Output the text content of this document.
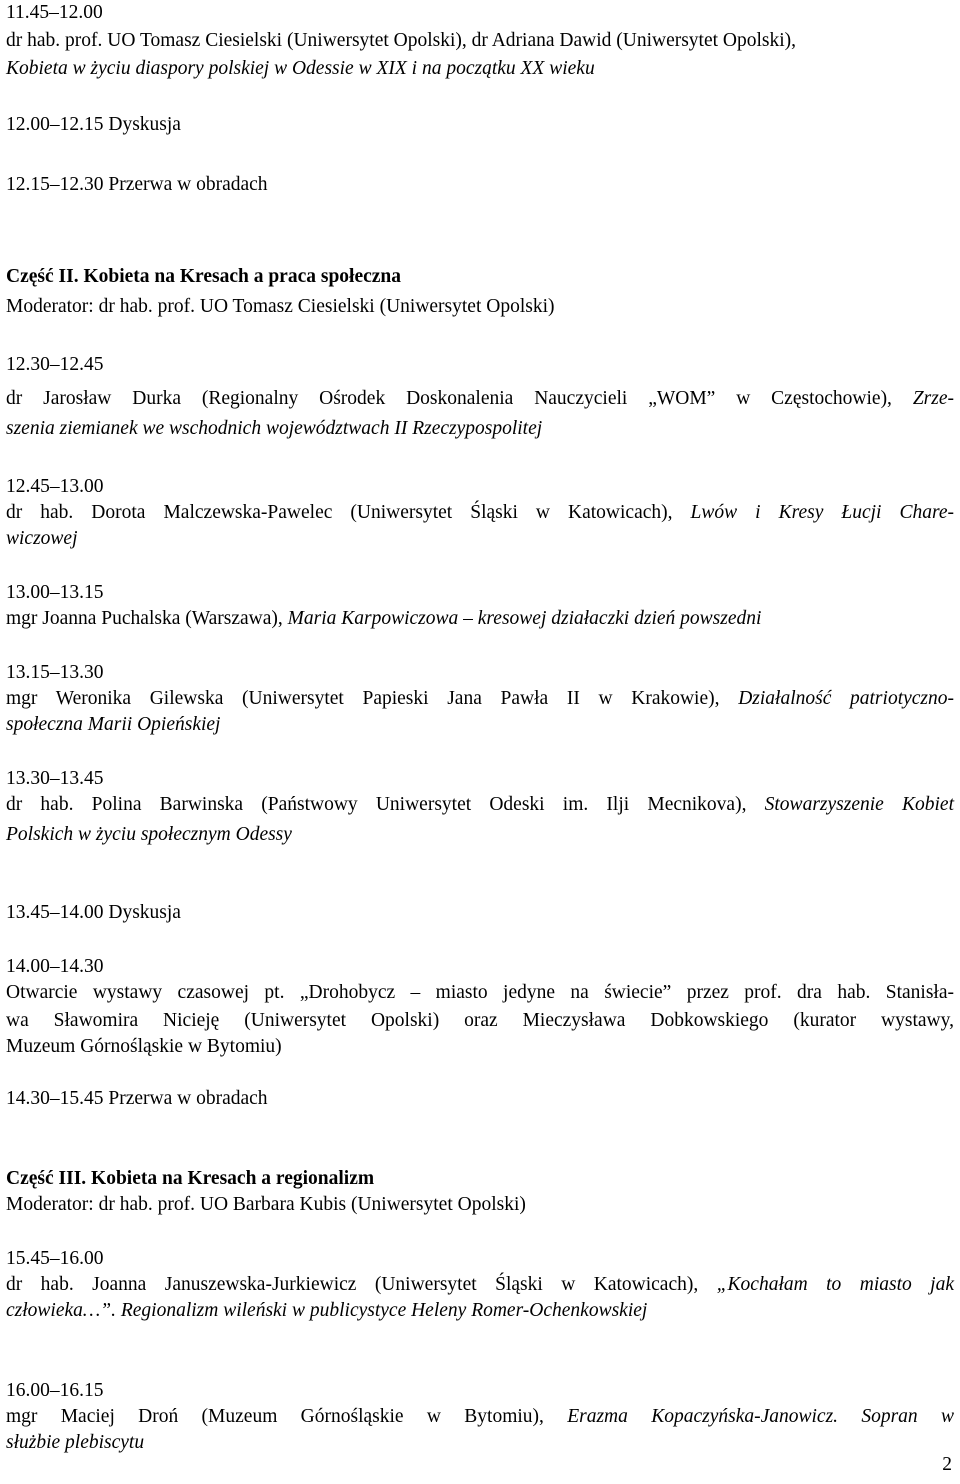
11.45–12.00
dr hab. prof. UO Tomasz Ciesielski (Uniwersytet Opolski), dr Adriana Dawid (Uniwersytet Opolski),
Kobieta w życiu diaspory polskiej w Odessie w XIX i na początku XX wieku
12.00–12.15 Dyskusja
12.15–12.30 Przerwa w obradach
Część II. Kobieta na Kresach a praca społeczna
Moderator: dr hab. prof. UO Tomasz Ciesielski (Uniwersytet Opolski)
12.30–12.45
dr Jarosław Durka (Regionalny Ośrodek Doskonalenia Nauczycieli „WOM” w Częstochowie), Zrze-
szenia ziemianek we wschodnich województwach II Rzeczypospolitej
12.45–13.00
dr hab. Dorota Malczewska-Pawelec (Uniwersytet Śląski w Katowicach), Lwów i Kresy Łucji Chare-
wiczowej
13.00–13.15
mgr Joanna Puchalska (Warszawa), Maria Karpowiczowa – kresowej działaczki dzień powszedni
13.15–13.30
mgr Weronika Gilewska (Uniwersytet Papieski Jana Pawła II w Krakowie), Działalność patriotyczno-
społeczna Marii Opieńskiej
13.30–13.45
dr hab. Polina Barwinska (Państwowy Uniwersytet Odeski im. Ilji Mecnikova), Stowarzyszenie Kobiet
Polskich w życiu społecznym Odessy
13.45–14.00 Dyskusja
14.00–14.30
Otwarcie wystawy czasowej pt. „Drohobycz – miasto jedyne na świecie” przez prof. dra hab. Stanisła-
wa Sławomira Nicieję (Uniwersytet Opolski) oraz Mieczysława Dobkowskiego (kurator wystawy,
Muzeum Górnośląskie w Bytomiu)
14.30–15.45 Przerwa w obradach
Część III. Kobieta na Kresach a regionalizm
Moderator: dr hab. prof. UO Barbara Kubis (Uniwersytet Opolski)
15.45–16.00
dr hab. Joanna Januszewska-Jurkiewicz (Uniwersytet Śląski w Katowicach), „Kochałam to miasto jak
człowieka…”. Regionalizm wileński w publicystyce Heleny Romer-Ochenkowskiej
16.00–16.15
mgr Maciej Droń (Muzeum Górnośląskie w Bytomiu), Erazma Kopaczyńska-Janowicz. Sopran w
służbie plebiscytu
2
